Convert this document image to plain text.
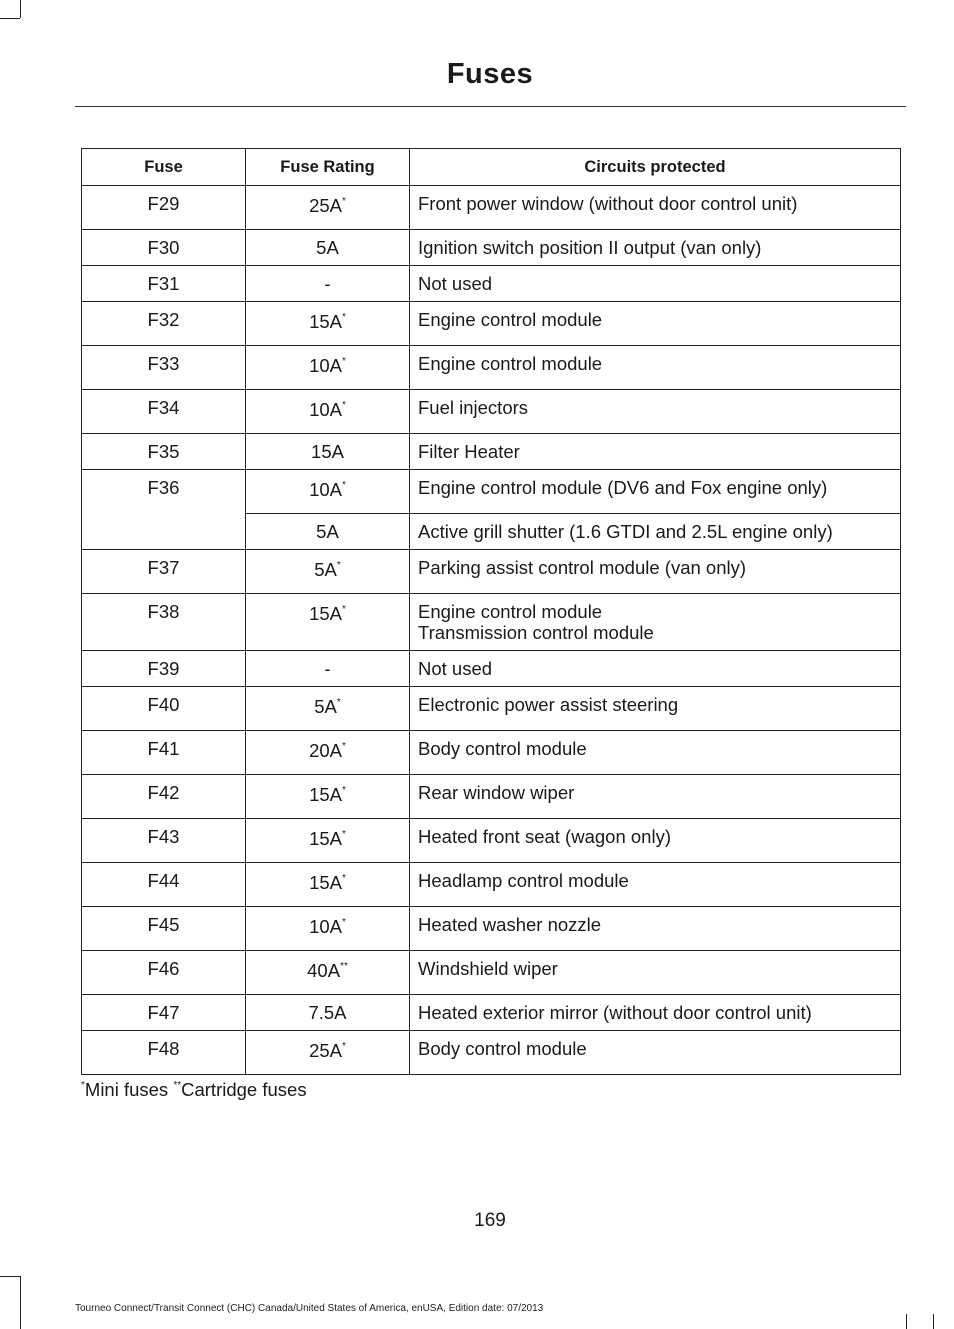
Fuses
Fuse	Fuse Rating	Circuits protected
F29	25A*	Front power window (without door control unit)

F30	5A	Ignition switch position II output (van only)

F31	-	Not used

F32	15A*	Engine control module

F33	10A*	Engine control module

F34	10A*	Fuel injectors

F35	15A	Filter Heater

F36	10A*	Engine control module (DV6 and Fox engine only)

	5A	Active grill shutter (1.6 GTDI and 2.5L engine only)

F37	5A*	Parking assist control module (van only)

F38	15A*	Engine control module
Transmission control module

F39	-	Not used

F40	5A*	Electronic power assist steering

F41	20A*	Body control module

F42	15A*	Rear window wiper

F43	15A*	Heated front seat (wagon only)

F44	15A*	Headlamp control module

F45	10A*	Heated washer nozzle

F46	40A**	Windshield wiper

F47	7.5A	Heated exterior mirror (without door control unit)

F48	25A*	Body control module

*Mini fuses **Cartridge fuses

169
Tourneo Connect/Transit Connect (CHC) Canada/United States of America, enUSA, Edition date: 07/2013
